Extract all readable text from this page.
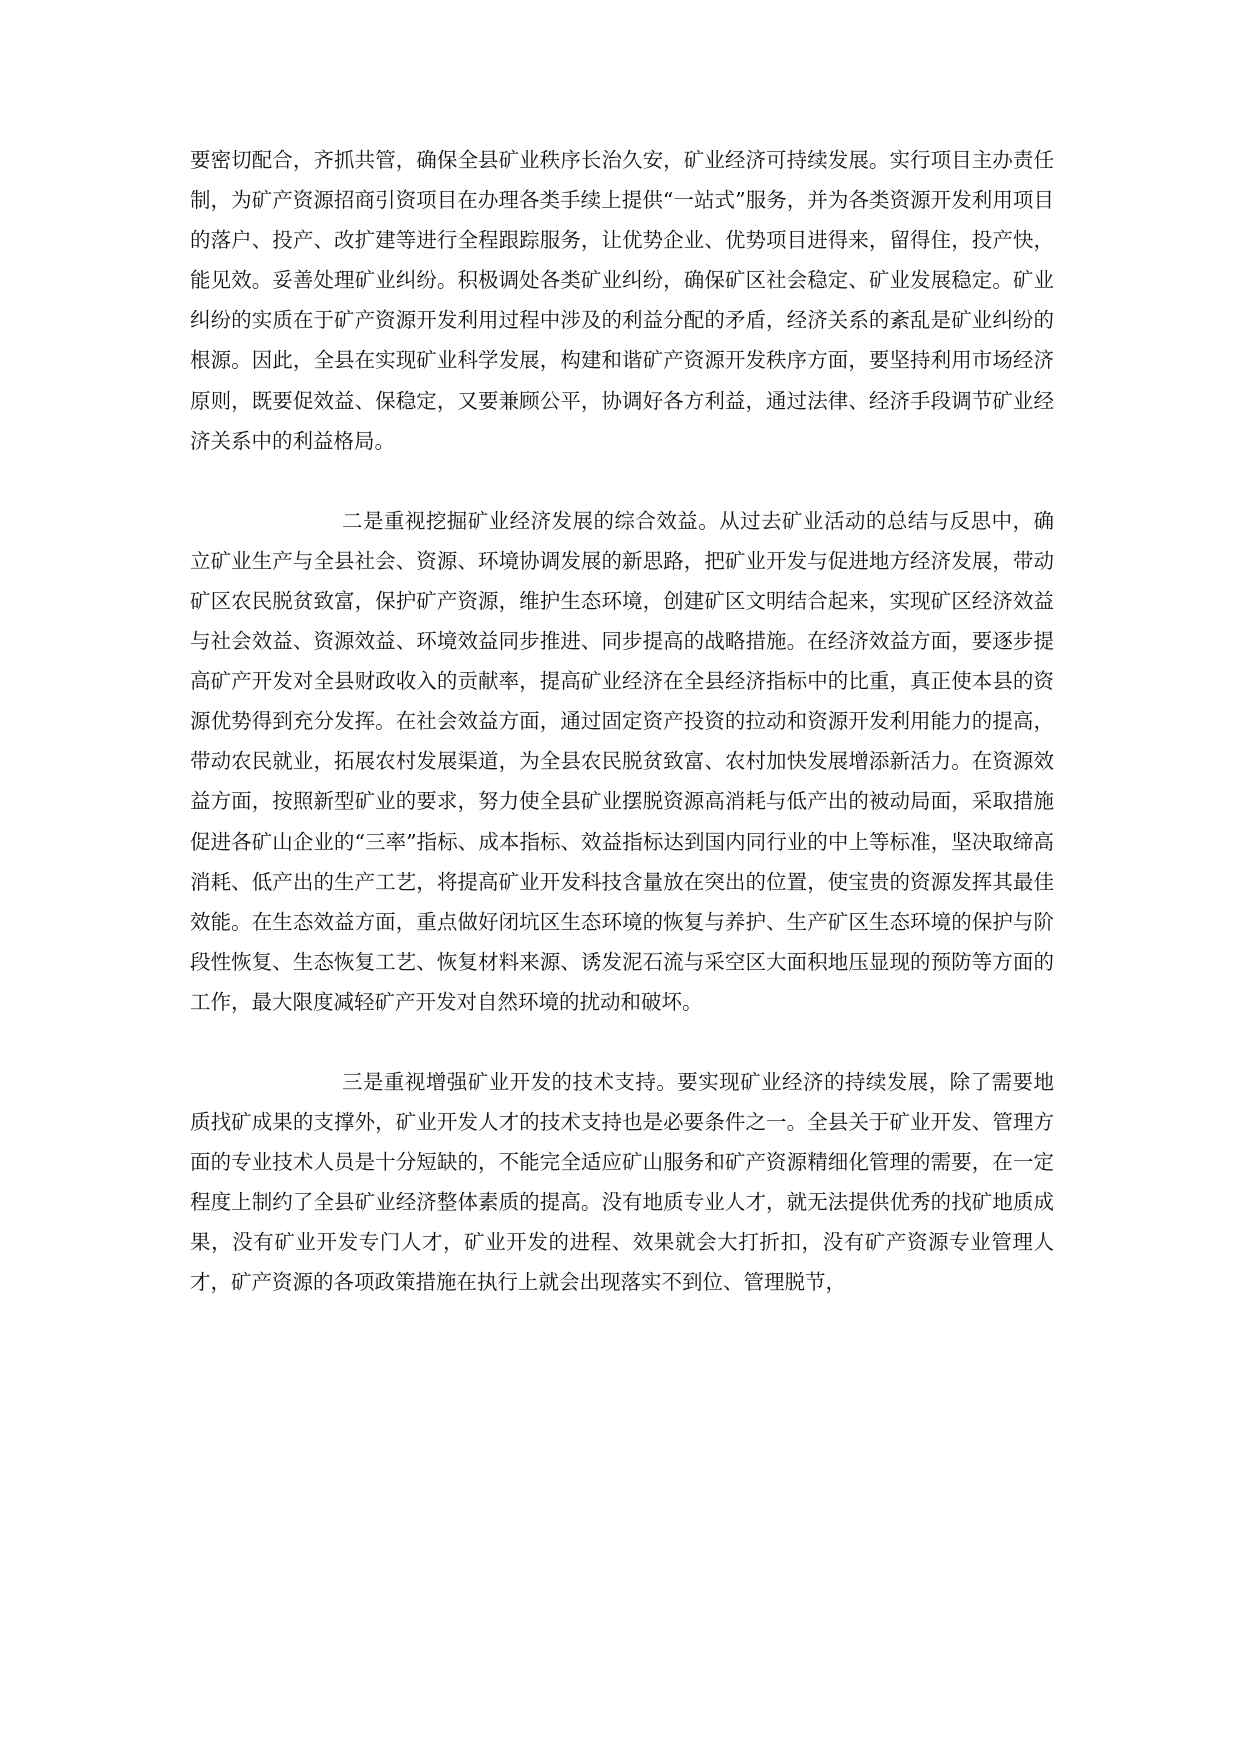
要密切配合，齐抓共管，确保全县矿业秩序长治久安，矿业经济可持续发展。实行项目主办责任制，为矿产资源招商引资项目在办理各类手续上提供“一站式”服务，并为各类资源开发利用项目的落户、投产、改扩建等进行全程跟踪服务，让优势企业、优势项目进得来，留得住，投产快，能见效。妥善处理矿业纠纷。积极调处各类矿业纠纷，确保矿区社会稳定、矿业发展稳定。矿业纠纷的实质在于矿产资源开发利用过程中涉及的利益分配的矛盾，经济关系的紊乱是矿业纠纷的根源。因此，全县在实现矿业科学发展，构建和谐矿产资源开发秩序方面，要坚持利用市场经济原则，既要促效益、保稳定，又要兼顾公平，协调好各方利益，通过法律、经济手段调节矿业经济关系中的利益格局。

二是重视挖掘矿业经济发展的综合效益。从过去矿业活动的总结与反思中，确立矿业生产与全县社会、资源、环境协调发展的新思路，把矿业开发与促进地方经济发展，带动矿区农民脱贫致富，保护矿产资源，维护生态环境，创建矿区文明结合起来，实现矿区经济效益与社会效益、资源效益、环境效益同步推进、同步提高的战略措施。在经济效益方面，要逐步提高矿产开发对全县财政收入的贡献率，提高矿业经济在全县经济指标中的比重，真正使本县的资源优势得到充分发挥。在社会效益方面，通过固定资产投资的拉动和资源开发利用能力的提高，带动农民就业，拓展农村发展渠道，为全县农民脱贫致富、农村加快发展增添新活力。在资源效益方面，按照新型矿业的要求，努力使全县矿业摆脱资源高消耗与低产出的被动局面，采取措施促进各矿山企业的“三率”指标、成本指标、效益指标达到国内同行业的中上等标准，坚决取缔高消耗、低产出的生产工艺，将提高矿业开发科技含量放在突出的位置，使宝贵的资源发挥其最佳效能。在生态效益方面，重点做好闭坑区生态环境的恢复与养护、生产矿区生态环境的保护与阶段性恢复、生态恢复工艺、恢复材料来源、诱发泥石流与采空区大面积地压显现的预防等方面的工作，最大限度减轻矿产开发对自然环境的扰动和破坏。

三是重视增强矿业开发的技术支持。要实现矿业经济的持续发展，除了需要地质找矿成果的支撑外，矿业开发人才的技术支持也是必要条件之一。全县关于矿业开发、管理方面的专业技术人员是十分短缺的，不能完全适应矿山服务和矿产资源精细化管理的需要，在一定程度上制约了全县矿业经济整体素质的提高。没有地质专业人才，就无法提供优秀的找矿地质成果，没有矿业开发专门人才，矿业开发的进程、效果就会大打折扣，没有矿产资源专业管理人才，矿产资源的各项政策措施在执行上就会出现落实不到位、管理脱节，
